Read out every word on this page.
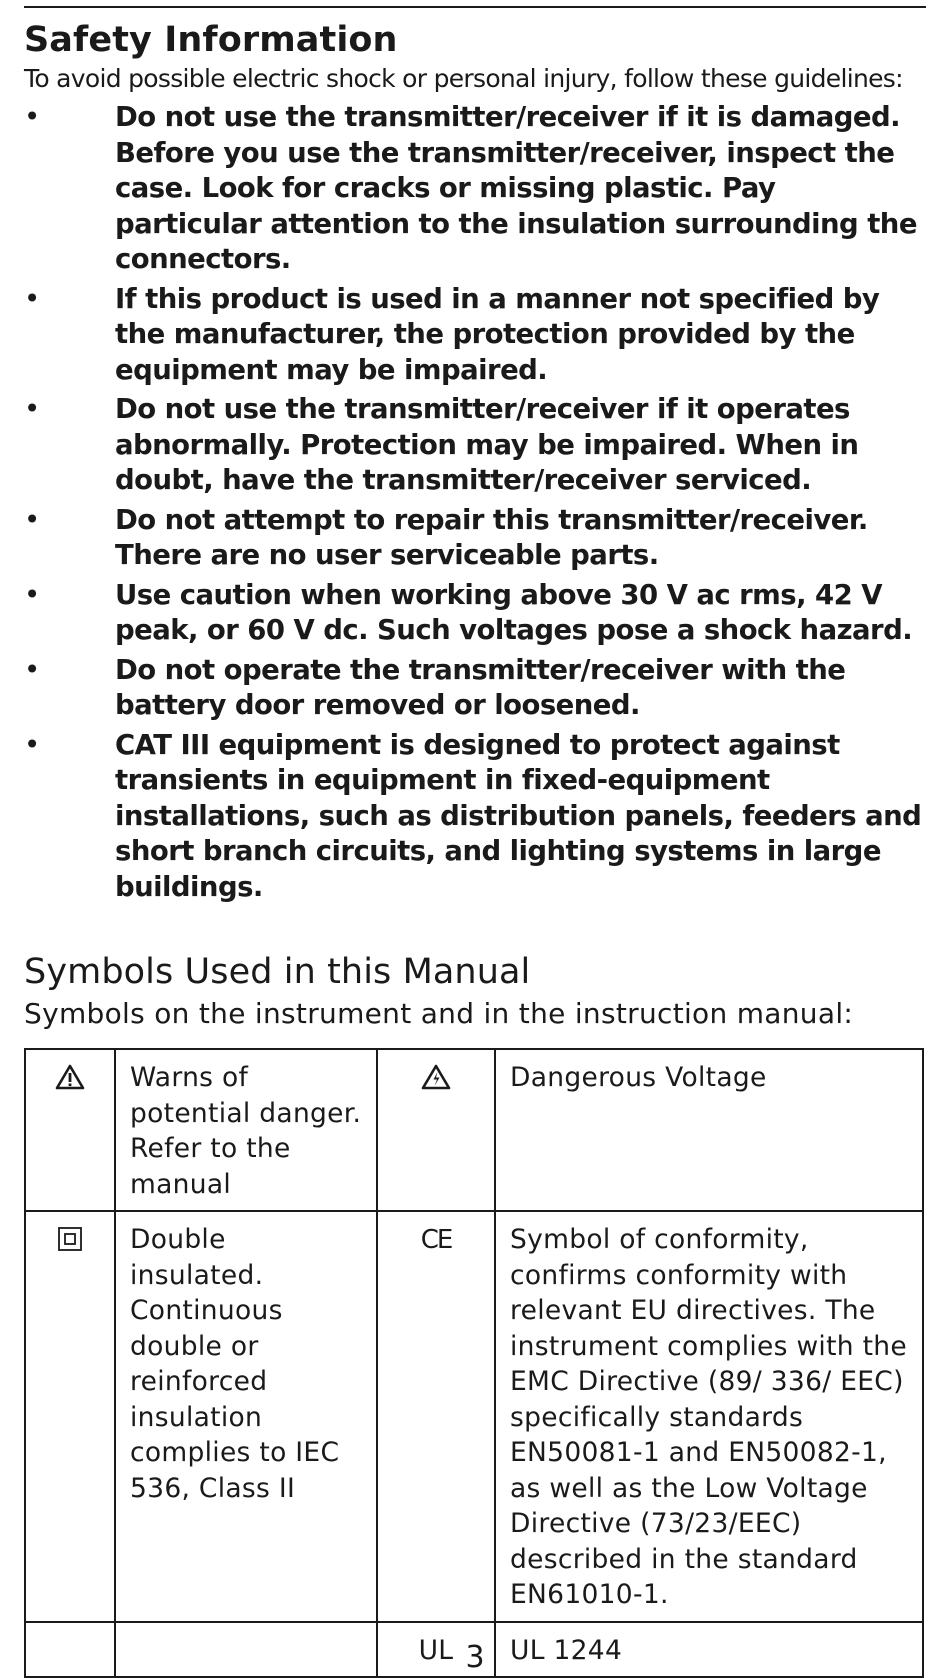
Safety Information

To avoid possible electric shock or personal injury, follow these guidelines:

•	Do not use the transmitter/receiver if it is damaged. Before you use the transmitter/receiver, inspect the case. Look for cracks or missing plastic. Pay particular attention to the insulation surrounding the connectors.
•	If this product is used in a manner not specified by the manufacturer, the protection provided by the equipment may be impaired.
•	Do not use the transmitter/receiver if it operates abnormally. Protection may be impaired. When in doubt, have the transmitter/receiver serviced.
•	Do not attempt to repair this transmitter/receiver. There are no user serviceable parts.
•	Use caution when working above 30 V ac rms, 42 V peak, or 60 V dc. Such voltages pose a shock hazard.
•	Do not operate the transmitter/receiver with the battery door removed or loosened.
•	CAT III equipment is designed to protect against transients in equipment in fixed-equipment installations, such as distribution panels, feeders and short branch circuits, and lighting systems in large buildings.
Symbols Used in this Manual

Symbols on the instrument and in the instruction manual:

	Warns of potential danger. Refer to the manual		Dangerous Voltage
	Double insulated. Continuous double or reinforced insulation complies to IEC 536, Class II	CE	Symbol of conformity, confirms conformity with relevant EU directives. The instrument complies with the EMC Directive (89/ 336/ EEC) specifically standards EN50081-1 and EN50082-1, as well as the Low Voltage Directive (73/23/EEC) described in the standard EN61010-1.
		UL	UL 1244
3
